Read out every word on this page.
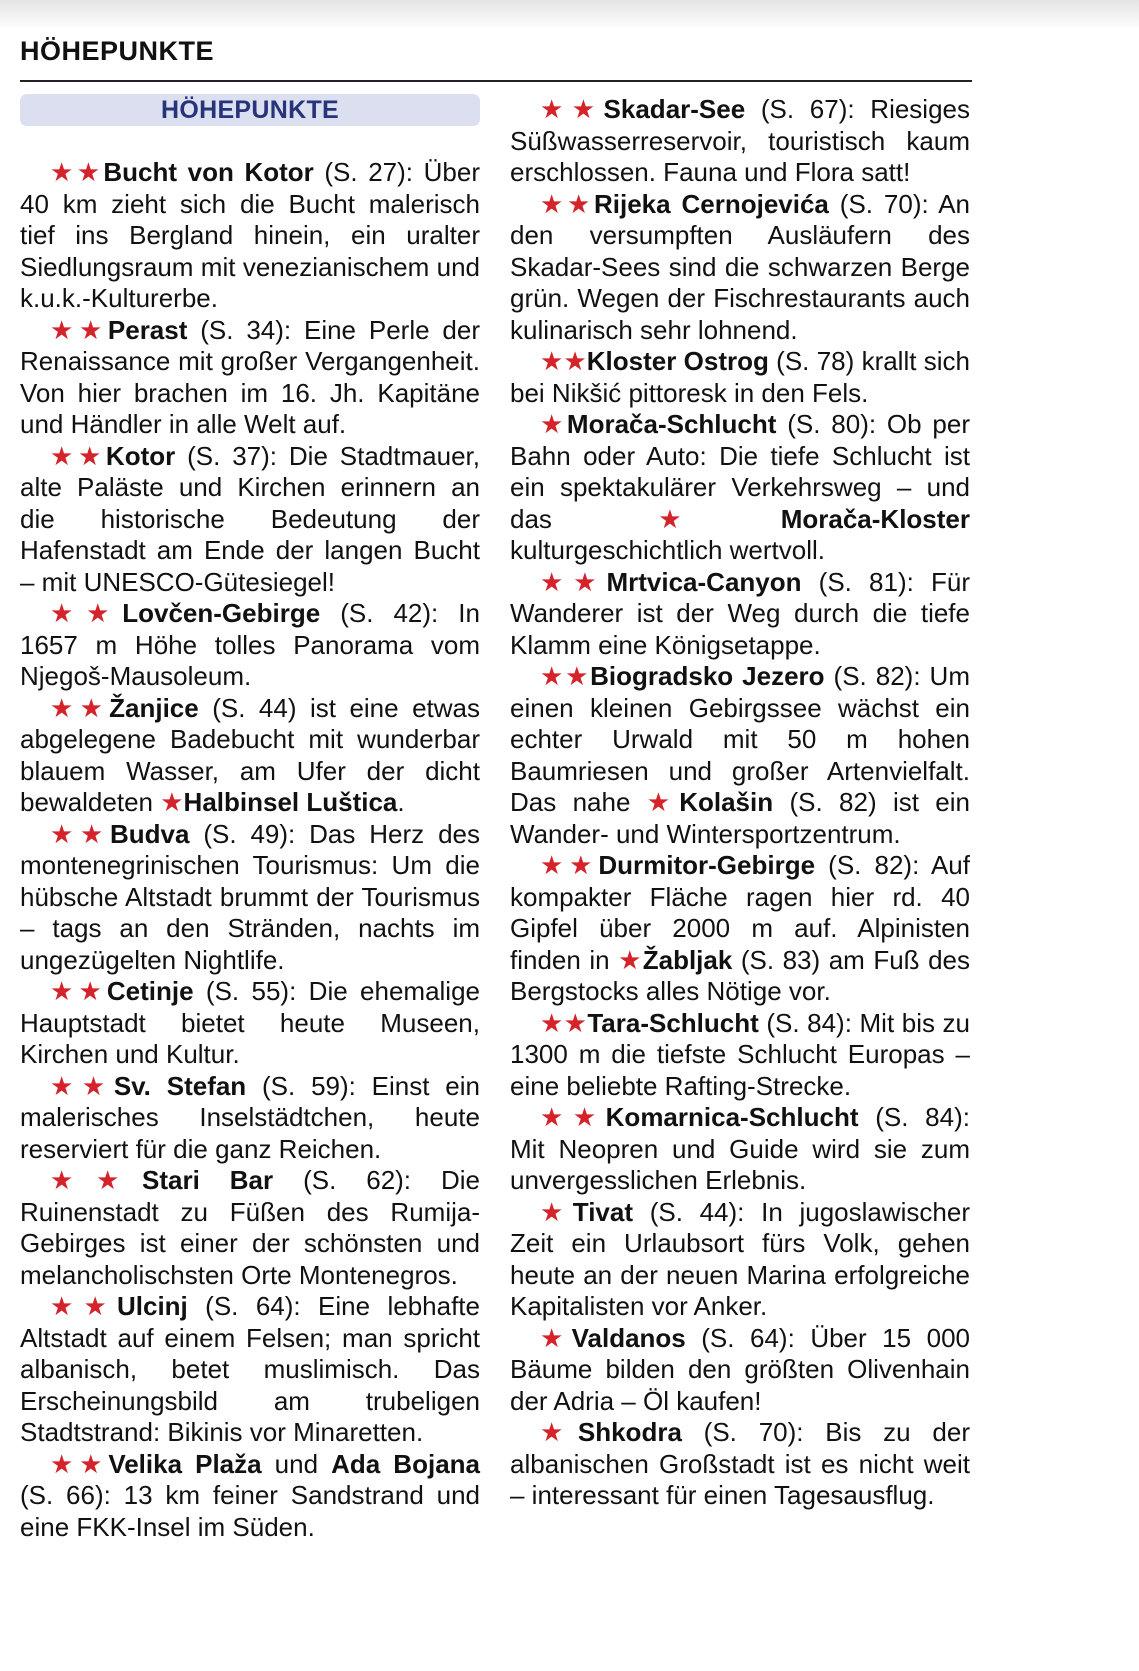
HÖHEPUNKTE
HÖHEPUNKTE

★★Bucht von Kotor (S. 27): Über 40 km zieht sich die Bucht malerisch tief ins Bergland hinein, ein uralter Siedlungsraum mit venezianischem und k.u.k.-Kulturerbe.

★★Perast (S. 34): Eine Perle der Renaissance mit großer Vergangenheit. Von hier brachen im 16. Jh. Kapitäne und Händler in alle Welt auf.

★★Kotor (S. 37): Die Stadtmauer, alte Paläste und Kirchen erinnern an die historische Bedeutung der Hafenstadt am Ende der langen Bucht – mit UNESCO-Gütesiegel!

★★Lovčen-Gebirge (S. 42): In 1657 m Höhe tolles Panorama vom Njegoš-Mausoleum.

★★Žanjice (S. 44) ist eine etwas abgelegene Badebucht mit wunderbar blauem Wasser, am Ufer der dicht bewaldeten ★Halbinsel Luštica.

★★Budva (S. 49): Das Herz des montenegrinischen Tourismus: Um die hübsche Altstadt brummt der Tourismus – tags an den Stränden, nachts im ungezügelten Nightlife.

★★Cetinje (S. 55): Die ehemalige Hauptstadt bietet heute Museen, Kirchen und Kultur.

★★Sv. Stefan (S. 59): Einst ein malerisches Inselstädtchen, heute reserviert für die ganz Reichen.

★★Stari Bar (S. 62): Die Ruinenstadt zu Füßen des Rumija-Gebirges ist einer der schönsten und melancholischsten Orte Montenegros.

★★Ulcinj (S. 64): Eine lebhafte Altstadt auf einem Felsen; man spricht albanisch, betet muslimisch. Das Erscheinungsbild am trubeligen Stadtstrand: Bikinis vor Minaretten.

★★Velika Plaža und Ada Bojana (S. 66): 13 km feiner Sandstrand und eine FKK-Insel im Süden.

★★Skadar-See (S. 67): Riesiges Süßwasserreservoir, touristisch kaum erschlossen. Fauna und Flora satt!

★★Rijeka Cernojevića (S. 70): An den versumpften Ausläufern des Skadar-Sees sind die schwarzen Berge grün. Wegen der Fischrestaurants auch kulinarisch sehr lohnend.

★★Kloster Ostrog (S. 78) krallt sich bei Nikšić pittoresk in den Fels.

★Morača-Schlucht (S. 80): Ob per Bahn oder Auto: Die tiefe Schlucht ist ein spektakulärer Verkehrsweg – und das ★Morača-Kloster kulturgeschichtlich wertvoll.

★★Mrtvica-Canyon (S. 81): Für Wanderer ist der Weg durch die tiefe Klamm eine Königsetappe.

★★Biogradsko Jezero (S. 82): Um einen kleinen Gebirgssee wächst ein echter Urwald mit 50 m hohen Baumriesen und großer Artenvielfalt. Das nahe ★Kolašin (S. 82) ist ein Wander- und Wintersportzentrum.

★★Durmitor-Gebirge (S. 82): Auf kompakter Fläche ragen hier rd. 40 Gipfel über 2000 m auf. Alpinisten finden in ★Žabljak (S. 83) am Fuß des Bergstocks alles Nötige vor.

★★Tara-Schlucht (S. 84): Mit bis zu 1300 m die tiefste Schlucht Europas – eine beliebte Rafting-Strecke.

★★Komarnica-Schlucht (S. 84): Mit Neopren und Guide wird sie zum unvergesslichen Erlebnis.

★Tivat (S. 44): In jugoslawischer Zeit ein Urlaubsort fürs Volk, gehen heute an der neuen Marina erfolgreiche Kapitalisten vor Anker.

★Valdanos (S. 64): Über 15 000 Bäume bilden den größten Olivenhain der Adria – Öl kaufen!

★Shkodra (S. 70): Bis zu der albanischen Großstadt ist es nicht weit – interessant für einen Tagesausflug.
